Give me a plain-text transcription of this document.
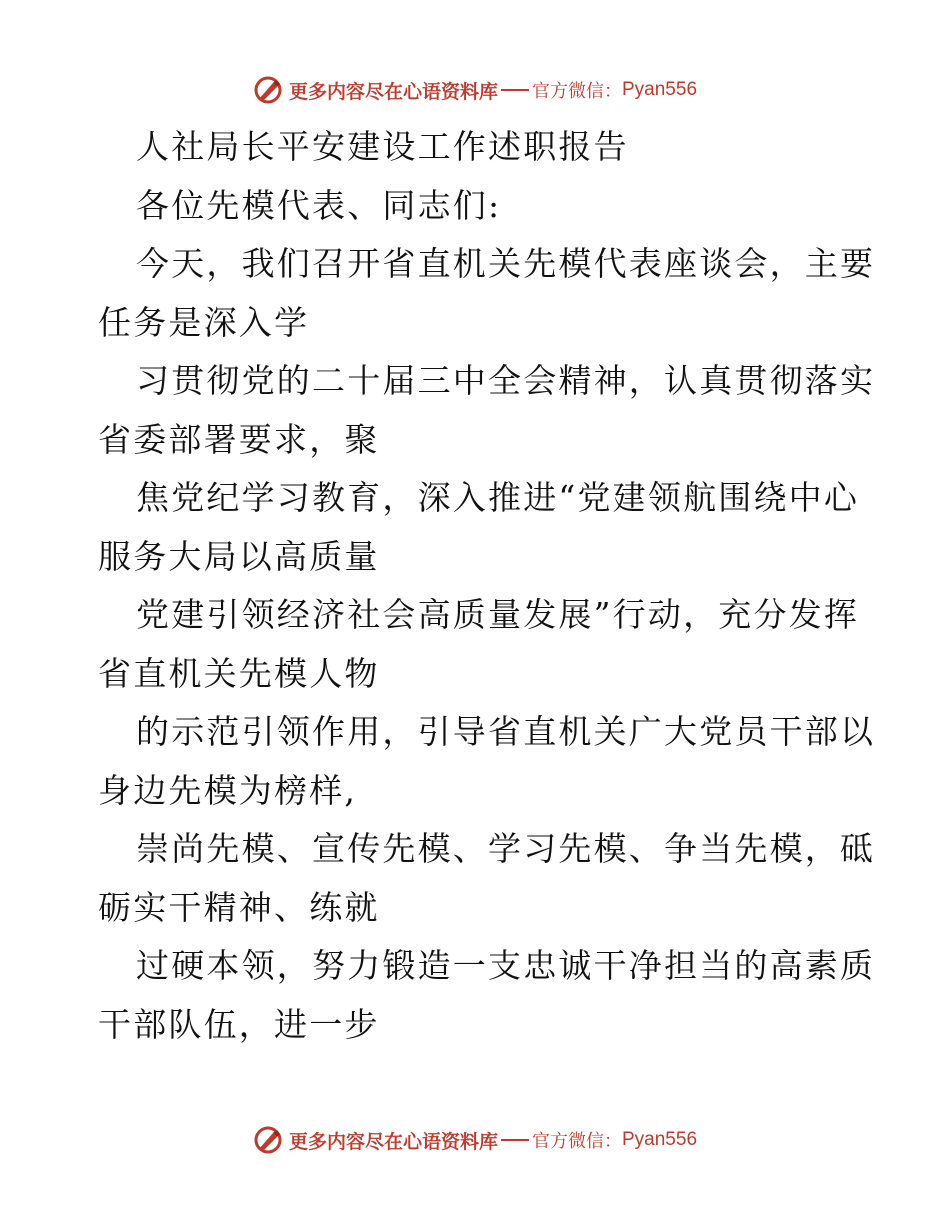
更多内容尽在心语资料库 官方微信： Pyan556
人社局长平安建设工作述职报告
各位先模代表、同志们:
今天，我们召开省直机关先模代表座谈会，主要
任务是深入学
习贯彻党的二十届三中全会精神，认真贯彻落实
省委部署要求，聚
焦党纪学习教育，深入推进“党建领航围绕中心
服务大局以高质量
党建引领经济社会高质量发展”行动，充分发挥
省直机关先模人物
的示范引领作用，引导省直机关广大党员干部以
身边先模为榜样,
崇尚先模、宣传先模、学习先模、争当先模，砥
砺实干精神、练就
过硬本领，努力锻造一支忠诚干净担当的高素质
干部队伍，进一步
更多内容尽在心语资料库 官方微信： Pyan556
